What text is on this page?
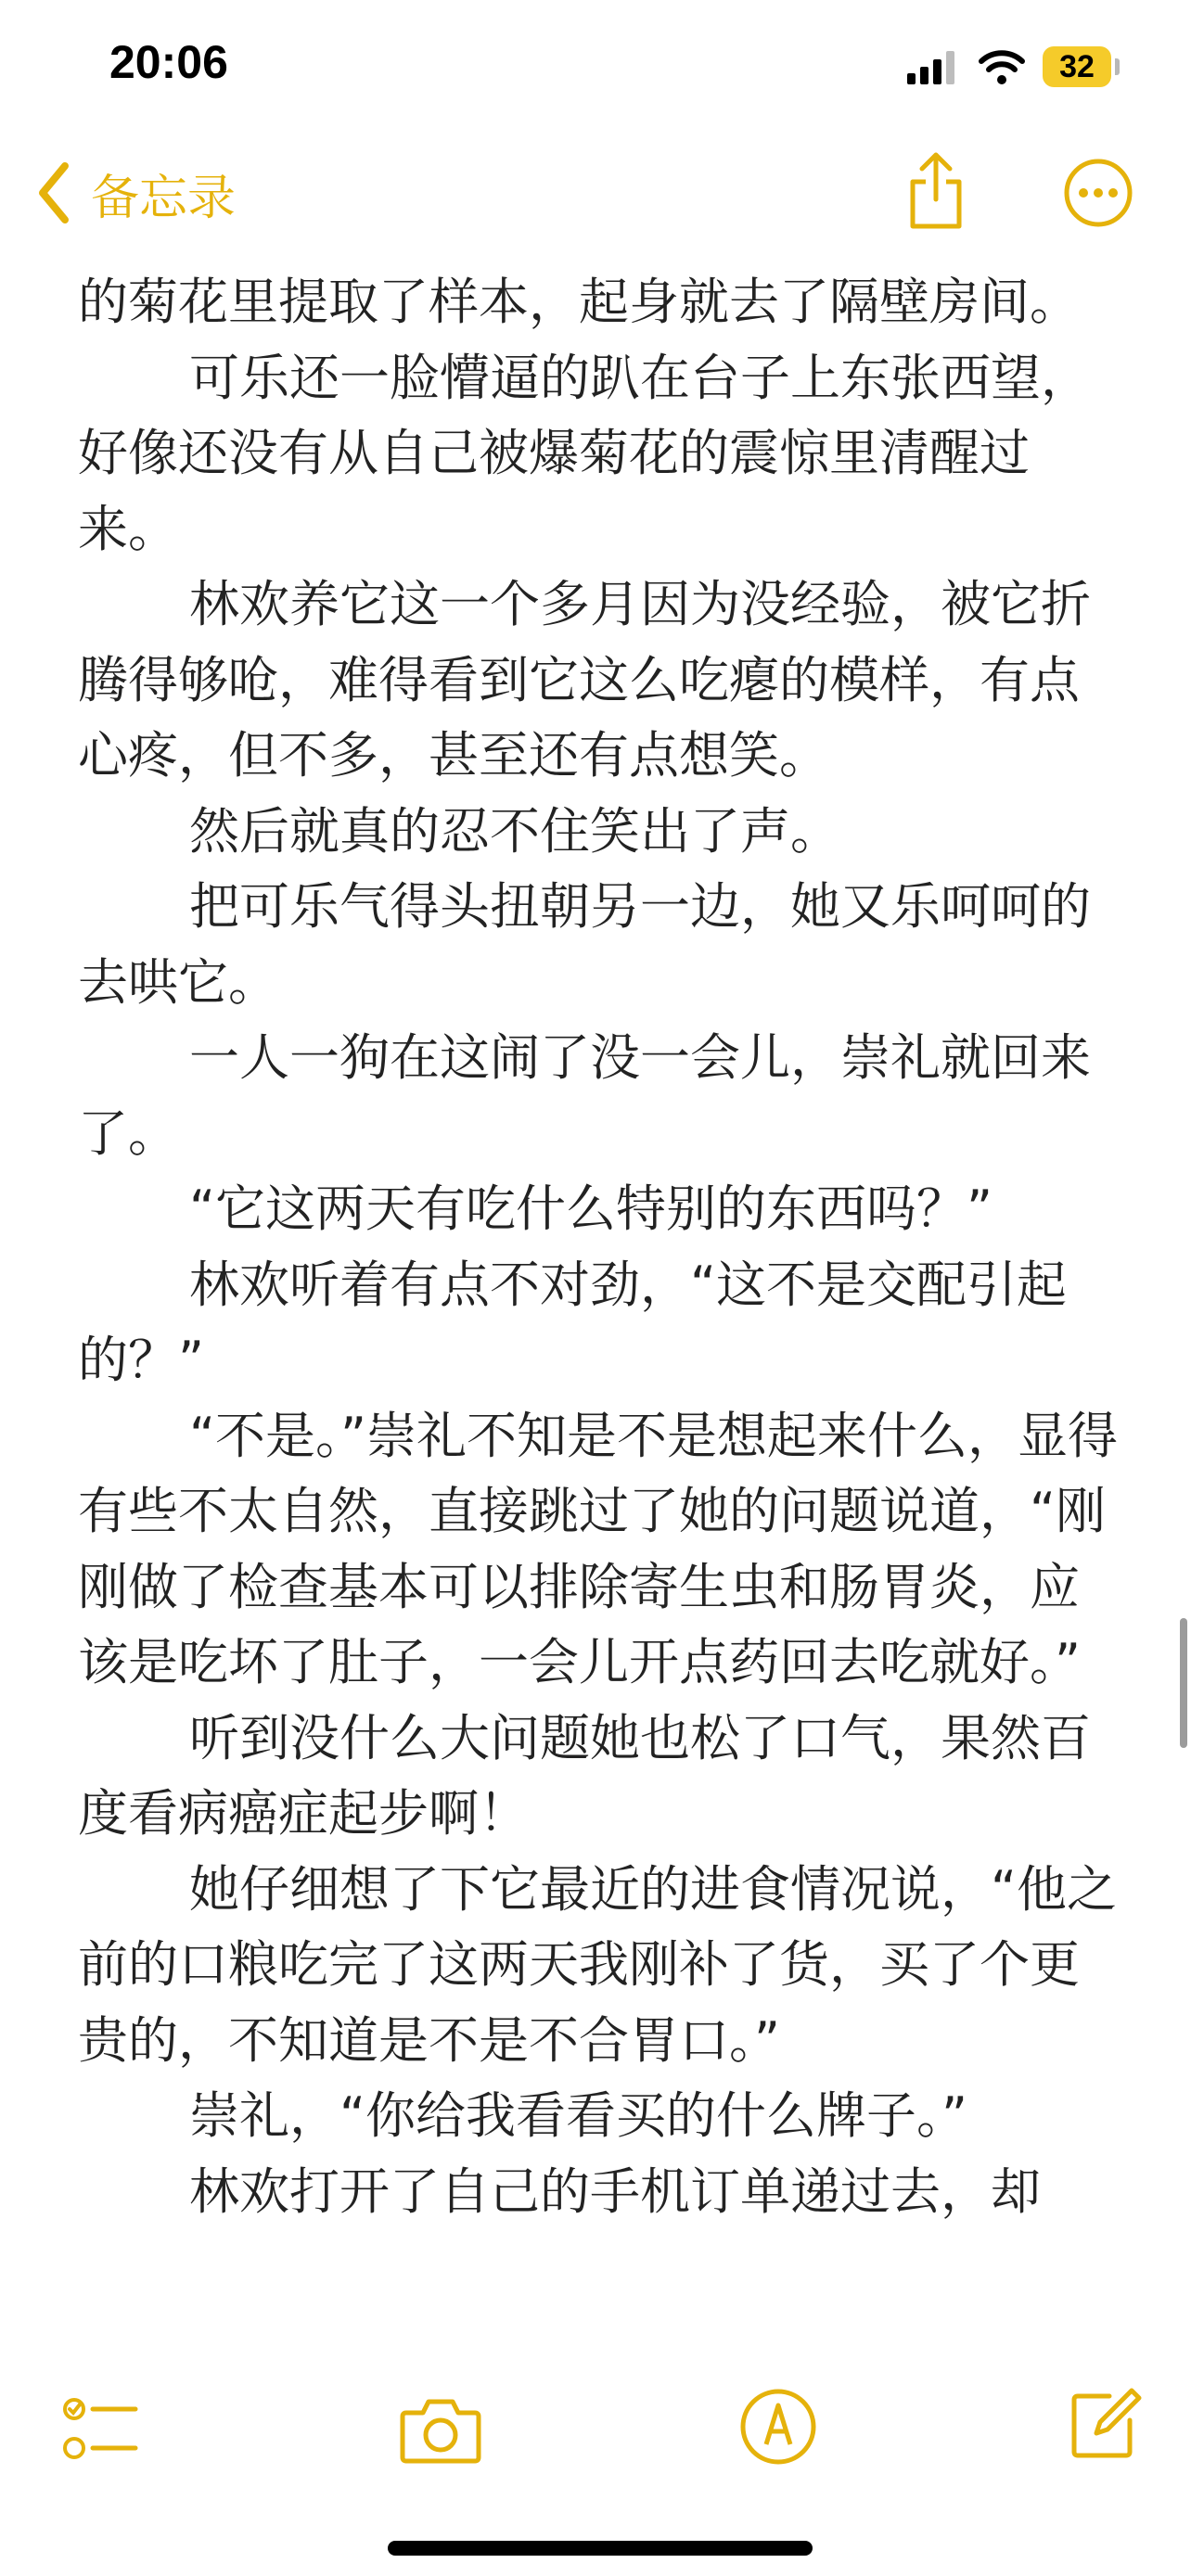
20:06	32
备忘录

的菊花里提取了样本，起身就去了隔壁房间。

可乐还一脸懵逼的趴在台子上东张西望，好像还没有从自己被爆菊花的震惊里清醒过来。

林欢养它这一个多月因为没经验，被它折腾得够呛，难得看到它这么吃瘪的模样，有点心疼，但不多，甚至还有点想笑。

然后就真的忍不住笑出了声。

把可乐气得头扭朝另一边，她又乐呵呵的去哄它。

一人一狗在这闹了没一会儿，崇礼就回来了。

“它这两天有吃什么特别的东西吗？”

林欢听着有点不对劲，“这不是交配引起的？”

“不是。”崇礼不知是不是想起来什么，显得有些不太自然，直接跳过了她的问题说道，“刚刚做了检查基本可以排除寄生虫和肠胃炎，应该是吃坏了肚子，一会儿开点药回去吃就好。”

听到没什么大问题她也松了口气，果然百度看病癌症起步啊！

她仔细想了下它最近的进食情况说，“他之前的口粮吃完了这两天我刚补了货，买了个更贵的，不知道是不是不合胃口。”

崇礼，“你给我看看买的什么牌子。”

林欢打开了自己的手机订单递过去，却
